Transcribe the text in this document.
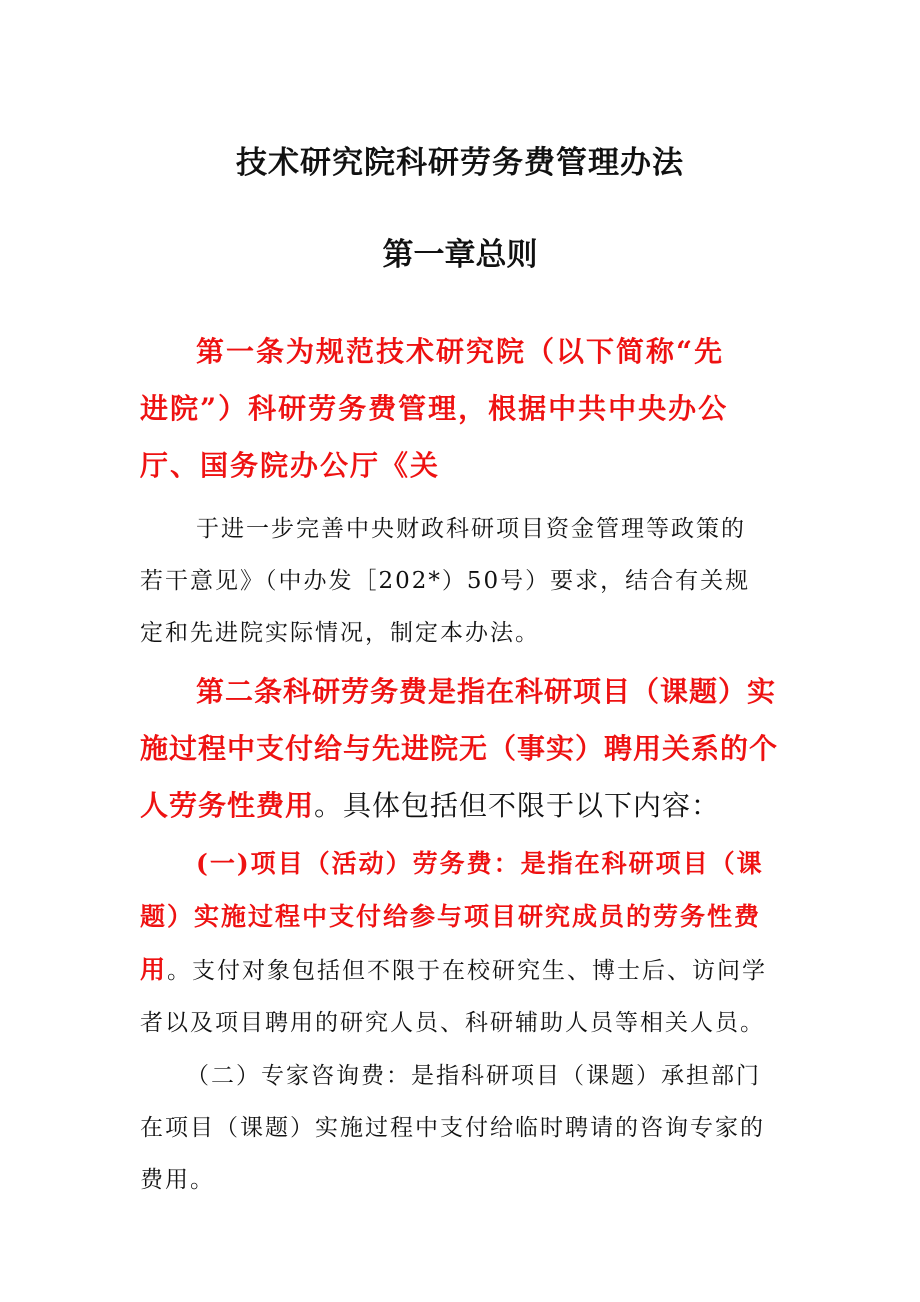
技术研究院科研劳务费管理办法
第一章总则

第一条为规范技术研究院（以下简称“先进院”）科研劳务费管理，根据中共中央办公厅、国务院办公厅《关

于进一步完善中央财政科研项目资金管理等政策的若干意见》（中办发［202*）50号）要求，结合有关规定和先进院实际情况，制定本办法。

第二条科研劳务费是指在科研项目（课题）实施过程中支付给与先进院无（事实）聘用关系的个人劳务性费用。具体包括但不限于以下内容：

(一)项目（活动）劳务费：是指在科研项目（课题）实施过程中支付给参与项目研究成员的劳务性费用。支付对象包括但不限于在校研究生、博士后、访问学者以及项目聘用的研究人员、科研辅助人员等相关人员。

（二）专家咨询费：是指科研项目（课题）承担部门在项目（课题）实施过程中支付给临时聘请的咨询专家的费用。
